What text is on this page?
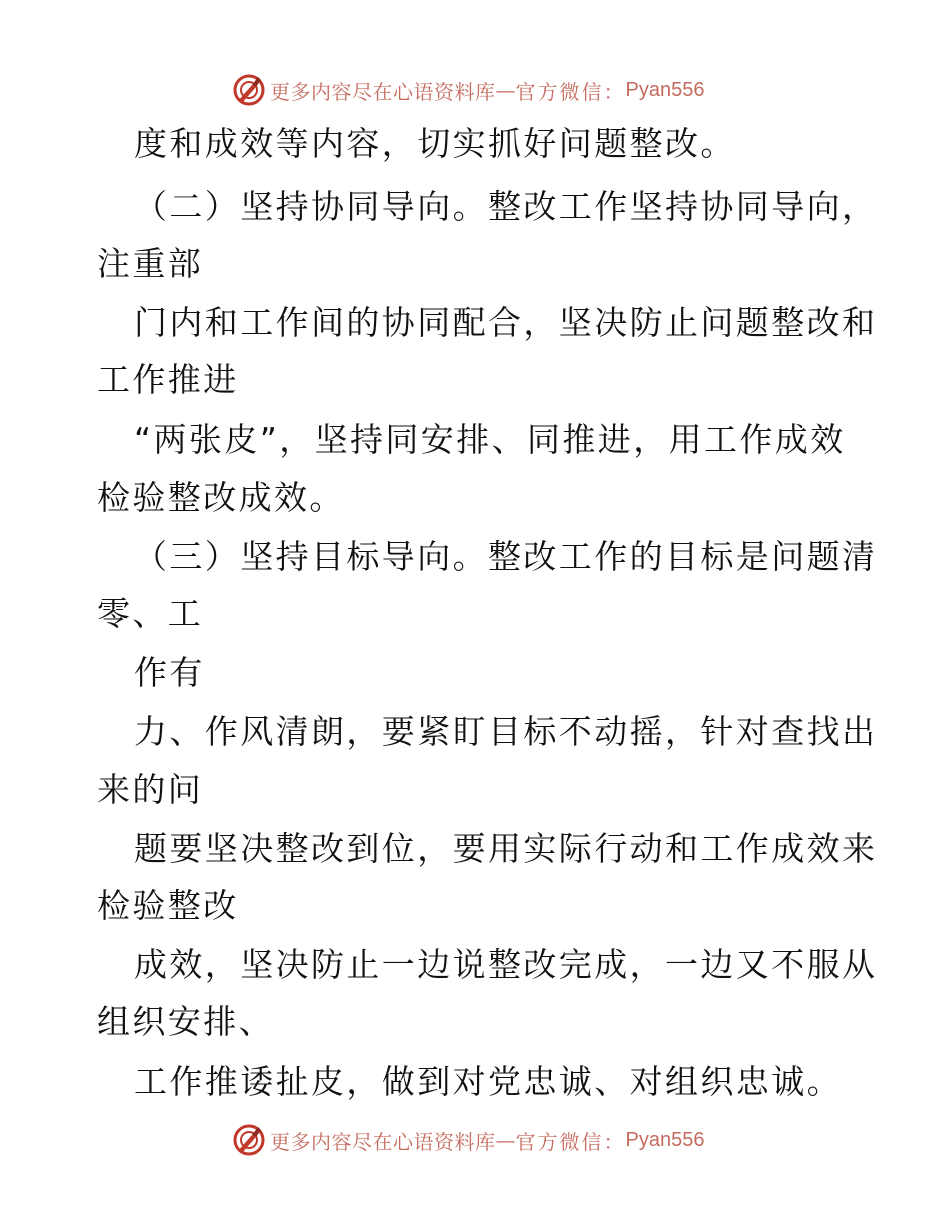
更多内容尽在心语资料库 — 官方微信： Pyan556
度和成效等内容，切实抓好问题整改。
（二）坚持协同导向。整改工作坚持协同导向，
注重部
门内和工作间的协同配合，坚决防止问题整改和
工作推进
“两张皮”，坚持同安排、同推进，用工作成效
检验整改成效。
（三）坚持目标导向。整改工作的目标是问题清
零、工
作有
力、作风清朗，要紧盯目标不动摇，针对查找出
来的问
题要坚决整改到位，要用实际行动和工作成效来
检验整改
成效，坚决防止一边说整改完成，一边又不服从
组织安排、
工作推诿扯皮，做到对党忠诚、对组织忠诚。
更多内容尽在心语资料库 — 官方微信： Pyan556
